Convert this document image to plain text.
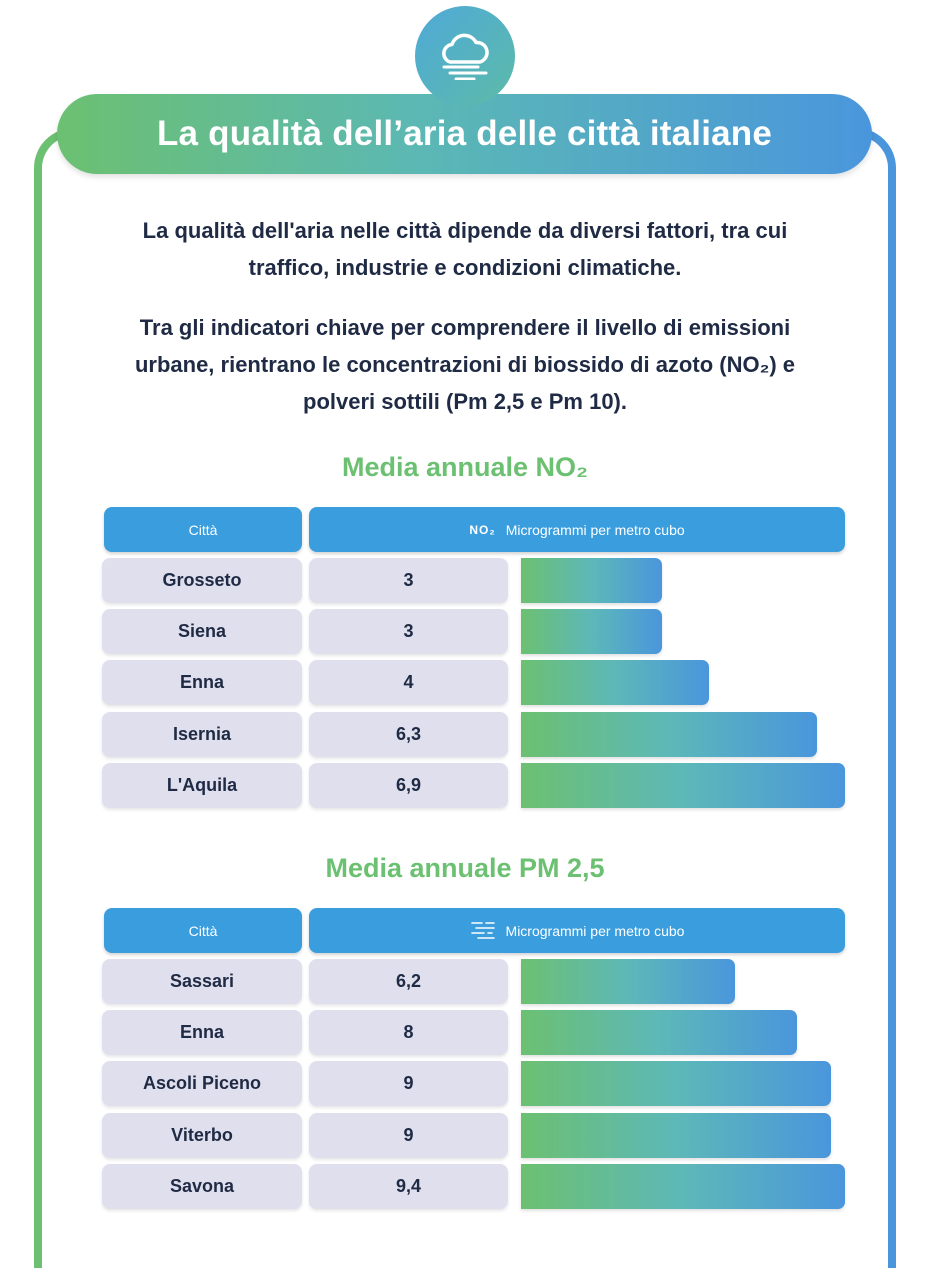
La qualità dell’aria delle città italiane

La qualità dell'aria nelle città dipende da diversi fattori, tra cui traffico, industrie e condizioni climatiche.

Tra gli indicatori chiave per comprendere il livello di emissioni urbane, rientrano le concentrazioni di biossido di azoto (NO₂) e polveri sottili (Pm 2,5 e Pm 10).

Media annuale NO₂
Città	NO₂ Microgrammi per metro cubo
Grosseto	3
Siena	3
Enna	4
Isernia	6,3
L'Aquila	6,9
Media annuale PM 2,5
Città	Microgrammi per metro cubo
Sassari	6,2
Enna	8
Ascoli Piceno	9
Viterbo	9
Savona	9,4
